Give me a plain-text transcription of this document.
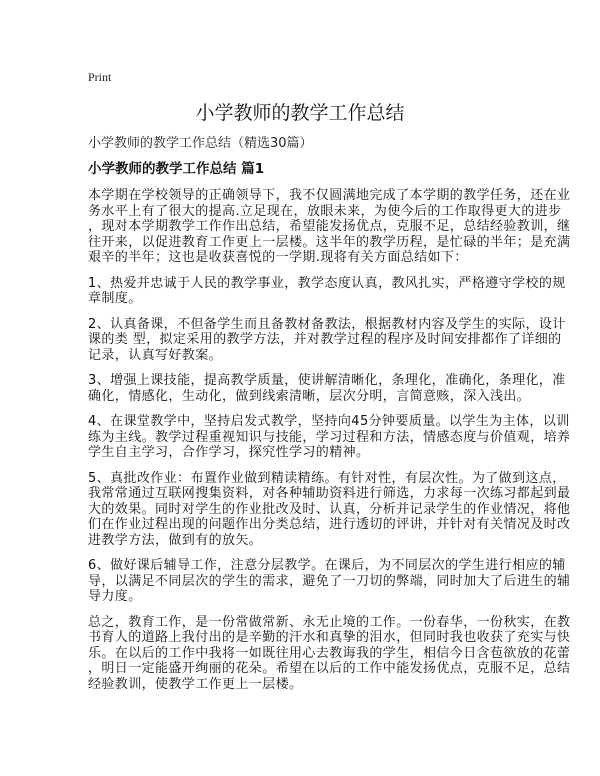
Print
小学教师的教学工作总结
小学教师的教学工作总结（精选30篇）
小学教师的教学工作总结 篇1
本学期在学校领导的正确领导下，我不仅圆满地完成了本学期的教学任务，还在业
务水平上有了很大的提高.立足现在，放眼未来，为使今后的工作取得更大的进步
，现对本学期教学工作作出总结，希望能发扬优点，克服不足，总结经验教训，继
往开来，以促进教育工作更上一层楼。这半年的教学历程，是忙碌的半年；是充满
艰辛的半年；这也是收获喜悦的一学期.现将有关方面总结如下：
1、热爱并忠诚于人民的教学事业，教学态度认真，教风扎实，严格遵守学校的规
章制度。
2、认真备课，不但备学生而且备教材备教法，根据教材内容及学生的实际，设计
课的类 型，拟定采用的教学方法，并对教学过程的程序及时间安排都作了详细的
记录，认真写好教案。
3、增强上课技能，提高教学质量，使讲解清晰化，条理化，准确化，条理化，准
确化，情感化，生动化，做到线索清晰，层次分明，言简意赅，深入浅出。
4、在课堂教学中，坚持启发式教学，坚持向45分钟要质量。以学生为主体，以训
练为主线。教学过程重视知识与技能，学习过程和方法，情感态度与价值观，培养
学生自主学习，合作学习，探究性学习的精神。
5、真批改作业：布置作业做到精读精练。有针对性，有层次性。为了做到这点，
我常常通过互联网搜集资料，对各种辅助资料进行筛选，力求每一次练习都起到最
大的效果。同时对学生的作业批改及时、认真，分析并记录学生的作业情况，将他
们在作业过程出现的问题作出分类总结，进行透切的评讲，并针对有关情况及时改
进教学方法，做到有的放矢。
6、做好课后辅导工作，注意分层教学。在课后，为不同层次的学生进行相应的辅
导，以满足不同层次的学生的需求，避免了一刀切的弊端，同时加大了后进生的辅
导力度。
总之，教育工作，是一份常做常新、永无止境的工作。一份春华，一份秋实，在教
书育人的道路上我付出的是辛勤的汗水和真挚的泪水，但同时我也收获了充实与快
乐。在以后的工作中我将一如既往用心去教诲我的学生，相信今日含苞欲放的花蕾
，明日一定能盛开绚丽的花朵。希望在以后的工作中能发扬优点，克服不足，总结
经验教训，使教学工作更上一层楼。
